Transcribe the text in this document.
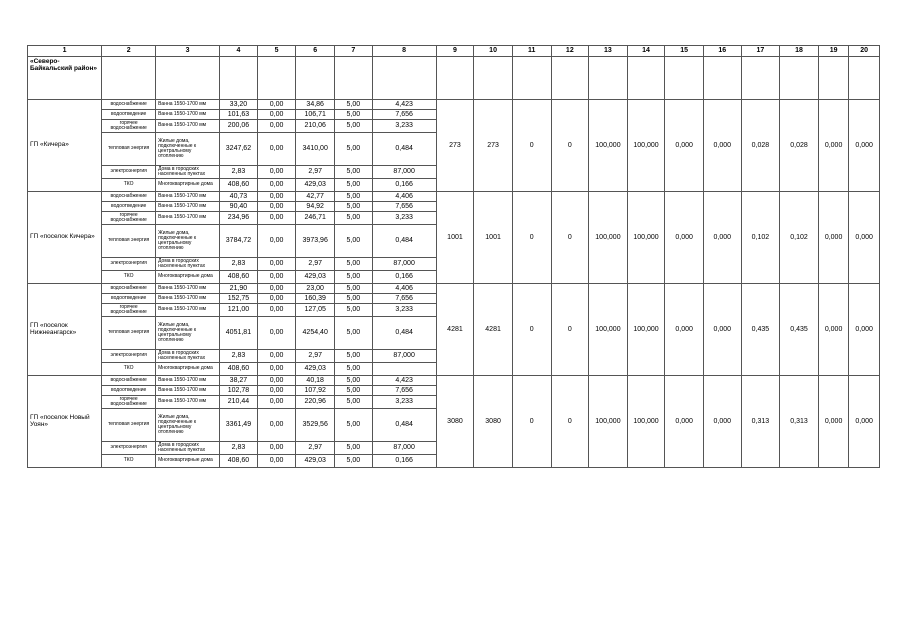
1	2	3	4	5	6	7	8	9	10	11	12	13	14	15	16	17	18	19	20
«Северо-Байкальский район»																			
ГП «Кичера»	водоснабжение	Ванна 1550-1700 мм	33,20	0,00	34,86	5,00	4,423	273	273	0	0	100,000	100,000	0,000	0,000	0,028	0,028	0,000	0,000
	водоотведение	Ванна 1550-1700 мм	101,63	0,00	106,71	5,00	7,656												
	горячее водоснабжение	Ванна 1550-1700 мм	200,06	0,00	210,06	5,00	3,233												
	тепловая энергия	Жилые дома, подключенные к центральному отоплению	3247,62	0,00	3410,00	5,00	0,484												
	электроэнергия	Дома в городских населенных пунктах	2,83	0,00	2,97	5,00	87,000												
	ТКО	Многоквартирные дома	408,60	0,00	429,03	5,00	0,166												
ГП «поселок Кичера»	водоснабжение	Ванна 1550-1700 мм	40,73	0,00	42,77	5,00	4,406	1001	1001	0	0	100,000	100,000	0,000	0,000	0,102	0,102	0,000	0,000
	водоотведение	Ванна 1550-1700 мм	90,40	0,00	94,92	5,00	7,656												
	горячее водоснабжение	Ванна 1550-1700 мм	234,96	0,00	246,71	5,00	3,233												
	тепловая энергия	Жилые дома, подключенные к центральному отоплению	3784,72	0,00	3973,96	5,00	0,484												
	электроэнергия	Дома в городских населенных пунктах	2,83	0,00	2,97	5,00	87,000												
	ТКО	Многоквартирные дома	408,60	0,00	429,03	5,00	0,166												
ГП «поселок Нижнеангарск»	водоснабжение	Ванна 1550-1700 мм	21,90	0,00	23,00	5,00	4,406	4281	4281	0	0	100,000	100,000	0,000	0,000	0,435	0,435	0,000	0,000
	водоотведение	Ванна 1550-1700 мм	152,75	0,00	160,39	5,00	7,656												
	горячее водоснабжение	Ванна 1550-1700 мм	121,00	0,00	127,05	5,00	3,233												
	тепловая энергия	Жилые дома, подключенные к центральному отоплению	4051,81	0,00	4254,40	5,00	0,484												
	электроэнергия	Дома в городских населенных пунктах	2,83	0,00	2,97	5,00	87,000												
	ТКО	Многоквартирные дома	408,60	0,00	429,03	5,00													
ГП «поселок Новый Уоян»	водоснабжение	Ванна 1550-1700 мм	38,27	0,00	40,18	5,00	4,423	3080	3080	0	0	100,000	100,000	0,000	0,000	0,313	0,313	0,000	0,000
	водоотведение	Ванна 1550-1700 мм	102,78	0,00	107,92	5,00	7,656												
	горячее водоснабжение	Ванна 1550-1700 мм	210,44	0,00	220,96	5,00	3,233												
	тепловая энергия	Жилые дома, подключенные к центральному отоплению	3361,49	0,00	3529,56	5,00	0,484												
	электроэнергия	Дома в городских населенных пунктах	2,83	0,00	2,97	5,00	87,000												
	ТКО	Многоквартирные дома	408,60	0,00	429,03	5,00	0,166												
